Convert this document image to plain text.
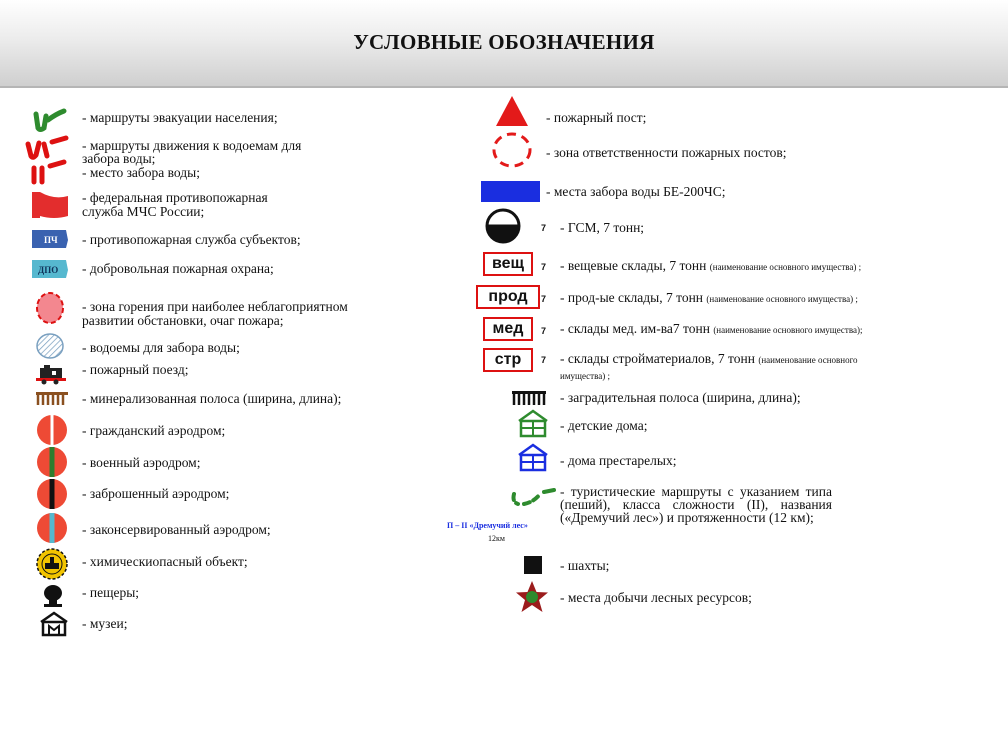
УСЛОВНЫЕ ОБОЗНАЧЕНИЯ
- маршруты эвакуации населения;
- маршруты движения к водоемам для
забора воды;
- место забора воды;
- федеральная противопожарная
служба МЧС России;
ПЧ - противопожарная служба субъектов;
ДПО - добровольная пожарная охрана;
- зона горения при наиболее неблагоприятном
развитии обстановки, очаг пожара;
- водоемы для забора воды;
- пожарный поезд;
- минерализованная полоса (ширина, длина);
- гражданский аэродром;
- военный аэродром;
- заброшенный аэродром;
- законсервированный аэродром;
- химическиопасный объект;
- пещеры;
- музеи;
- пожарный пост;
- зона ответственности пожарных постов;
- места забора воды БЕ-200ЧС;
7 - ГСМ, 7 тонн;
вещ	7 - вещевые склады, 7 тонн (наименование основного имущества) ;
прод	7 - прод-ые склады, 7 тонн (наименование основного имущества) ;
мед	7 - склады мед. им-ва7 тонн (наименование основного имущества);
стр	7 - склады стройматериалов, 7 тонн (наименование основного
имущества) ;
- заградительная полоса (ширина, длина);
- детские дома;
- дома престарелых;
П – II «Дремучий лес»
12км
- туристические маршруты с указанием типа (пеший), класса сложности (II), названия («Дремучий лес») и протяженности (12 км);
- шахты;
- места добычи лесных ресурсов;
